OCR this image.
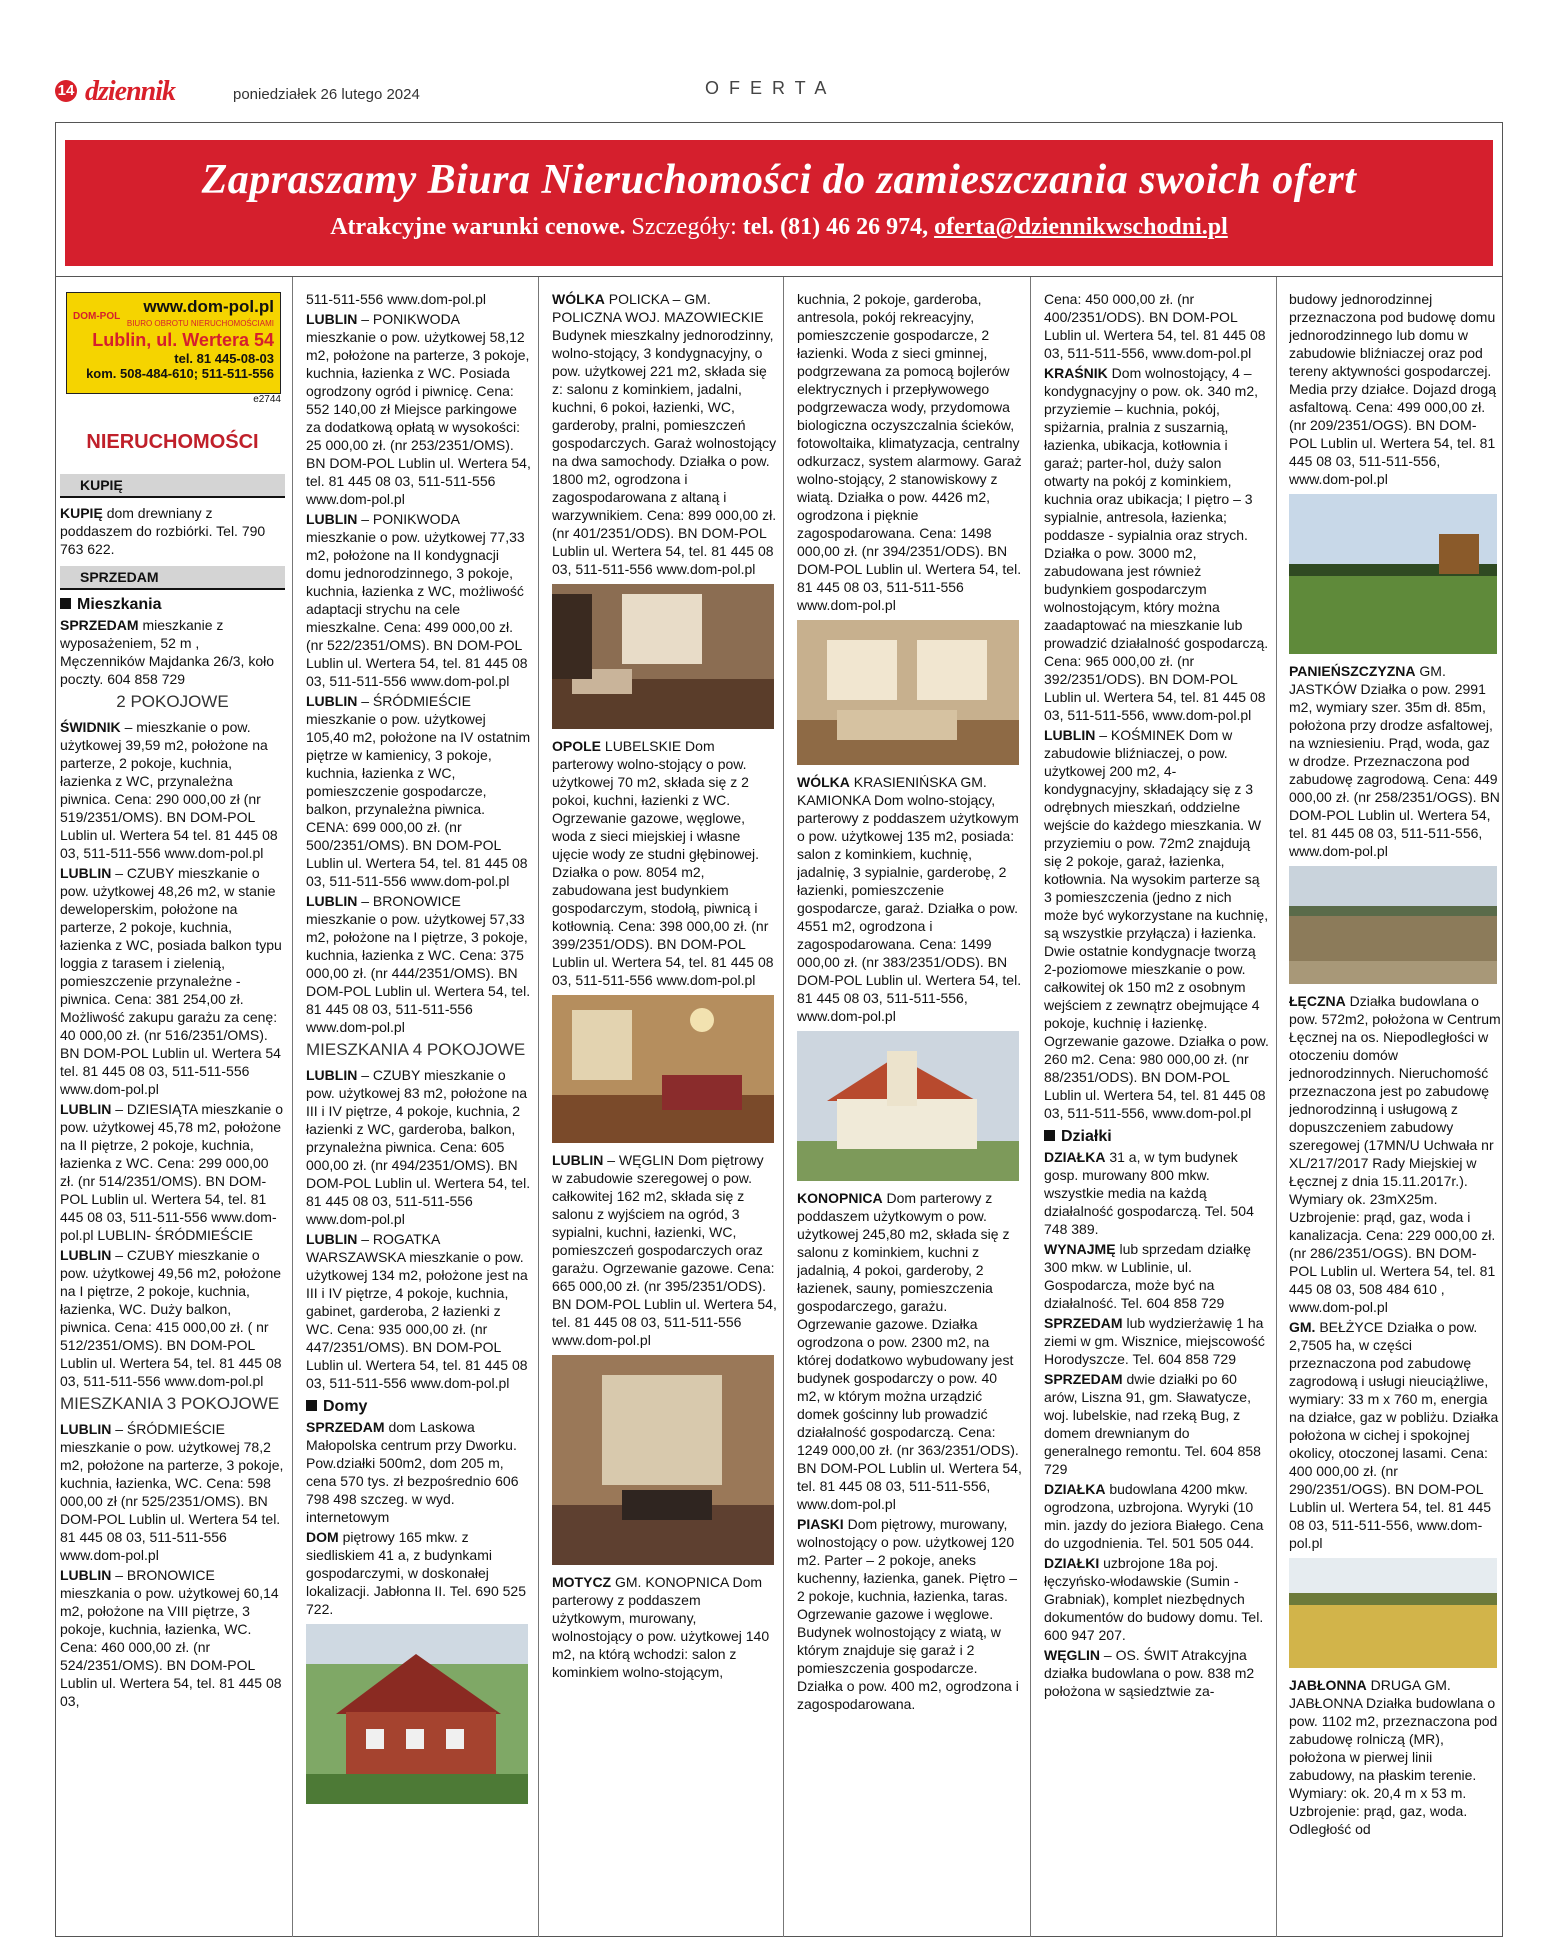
14 dziennik	poniedziałek 26 lutego 2024	OFERTA
Zapraszamy Biura Nieruchomości do zamieszczania swoich ofert
Atrakcyjne warunki cenowe. Szczegóły: tel. (81) 46 26 974, oferta@dziennikwschodni.pl
www.dom-pol.pl
DOM-POL
BIURO OBROTU NIERUCHOMOŚCIAMI
Lublin, ul. Wertera 54
tel. 81 445-08-03
kom. 508-484-610; 511-511-556
e2744
NIERUCHOMOŚCI
KUPIĘ

KUPIĘ dom drewniany z poddaszem do rozbiórki. Tel. 790 763 622.

SPRZEDAM
Mieszkania

SPRZEDAM mieszkanie z wyposażeniem, 52 m , Męczenników Majdanka 26/3, koło poczty. 604 858 729

2 POKOJOWE

ŚWIDNIK – mieszkanie o pow. użytkowej 39,59 m2, położone na parterze, 2 pokoje, kuchnia, łazienka z WC, przynależna piwnica. Cena: 290 000,00 zł (nr 519/2351/OMS). BN DOM-POL Lublin ul. Wertera 54 tel. 81 445 08 03, 511-511-556 www.dom-pol.pl

LUBLIN – CZUBY mieszkanie o pow. użytkowej 48,26 m2, w stanie deweloperskim, położone na parterze, 2 pokoje, kuchnia, łazienka z WC, posiada balkon typu loggia z tarasem i zielenią, pomieszczenie przynależne - piwnica. Cena: 381 254,00 zł. Możliwość zakupu garażu za cenę: 40 000,00 zł. (nr 516/2351/OMS). BN DOM-POL Lublin ul. Wertera 54 tel. 81 445 08 03, 511-511-556 www.dom-pol.pl

LUBLIN – DZIESIĄTA mieszkanie o pow. użytkowej 45,78 m2, położone na II piętrze, 2 pokoje, kuchnia, łazienka z WC. Cena: 299 000,00 zł. (nr 514/2351/OMS). BN DOM-POL Lublin ul. Wertera 54, tel. 81 445 08 03, 511-511-556 www.dom-pol.pl LUBLIN- ŚRÓDMIEŚCIE

LUBLIN – CZUBY mieszkanie o pow. użytkowej 49,56 m2, położone na I piętrze, 2 pokoje, kuchnia, łazienka, WC. Duży balkon, piwnica. Cena: 415 000,00 zł. ( nr 512/2351/OMS). BN DOM-POL Lublin ul. Wertera 54, tel. 81 445 08 03, 511-511-556 www.dom-pol.pl

MIESZKANIA 3 POKOJOWE

LUBLIN – ŚRÓDMIEŚCIE mieszkanie o pow. użytkowej 78,2 m2, położone na parterze, 3 pokoje, kuchnia, łazienka, WC. Cena: 598 000,00 zł (nr 525/2351/OMS). BN DOM-POL Lublin ul. Wertera 54 tel. 81 445 08 03, 511-511-556 www.dom-pol.pl

LUBLIN – BRONOWICE mieszkania o pow. użytkowej 60,14 m2, położone na VIII piętrze, 3 pokoje, kuchnia, łazienka, WC. Cena: 460 000,00 zł. (nr 524/2351/OMS). BN DOM-POL Lublin ul. Wertera 54, tel. 81 445 08 03,

511-511-556 www.dom-pol.pl

LUBLIN – PONIKWODA mieszkanie o pow. użytkowej 58,12 m2, położone na parterze, 3 pokoje, kuchnia, łazienka z WC. Posiada ogrodzony ogród i piwnicę. Cena: 552 140,00 zł Miejsce parkingowe za dodatkową opłatą w wysokości: 25 000,00 zł. (nr 253/2351/OMS). BN DOM-POL Lublin ul. Wertera 54, tel. 81 445 08 03, 511-511-556 www.dom-pol.pl

LUBLIN – PONIKWODA mieszkanie o pow. użytkowej 77,33 m2, położone na II kondygnacji domu jednorodzinnego, 3 pokoje, kuchnia, łazienka z WC, możliwość adaptacji strychu na cele mieszkalne. Cena: 499 000,00 zł. (nr 522/2351/OMS). BN DOM-POL Lublin ul. Wertera 54, tel. 81 445 08 03, 511-511-556 www.dom-pol.pl

LUBLIN – ŚRÓDMIEŚCIE mieszkanie o pow. użytkowej 105,40 m2, położone na IV ostatnim piętrze w kamienicy, 3 pokoje, kuchnia, łazienka z WC, pomieszczenie gospodarcze, balkon, przynależna piwnica. CENA: 699 000,00 zł. (nr 500/2351/OMS). BN DOM-POL Lublin ul. Wertera 54, tel. 81 445 08 03, 511-511-556 www.dom-pol.pl

LUBLIN – BRONOWICE mieszkanie o pow. użytkowej 57,33 m2, położone na I piętrze, 3 pokoje, kuchnia, łazienka z WC. Cena: 375 000,00 zł. (nr 444/2351/OMS). BN DOM-POL Lublin ul. Wertera 54, tel. 81 445 08 03, 511-511-556 www.dom-pol.pl

MIESZKANIA 4 POKOJOWE

LUBLIN – CZUBY mieszkanie o pow. użytkowej 83 m2, położone na III i IV piętrze, 4 pokoje, kuchnia, 2 łazienki z WC, garderoba, balkon, przynależna piwnica. Cena: 605 000,00 zł. (nr 494/2351/OMS). BN DOM-POL Lublin ul. Wertera 54, tel. 81 445 08 03, 511-511-556 www.dom-pol.pl

LUBLIN – ROGATKA WARSZAWSKA mieszkanie o pow. użytkowej 134 m2, położone jest na III i IV piętrze, 4 pokoje, kuchnia, gabinet, garderoba, 2 łazienki z WC. Cena: 935 000,00 zł. (nr 447/2351/OMS). BN DOM-POL Lublin ul. Wertera 54, tel. 81 445 08 03, 511-511-556 www.dom-pol.pl

Domy

SPRZEDAM dom Laskowa Małopolska centrum przy Dworku. Pow.działki 500m2, dom 205 m, cena 570 tys. zł bezpośrednio 606 798 498 szczeg. w wyd. internetowym

DOM piętrowy 165 mkw. z siedliskiem 41 a, z budynkami gospodarczymi, w doskonałej lokalizacji. Jabłonna II. Tel. 690 525 722.

WÓLKA POLICKA – GM. POLICZNA WOJ. MAZOWIECKIE Budynek mieszkalny jednorodzinny, wolno-stojący, 3 kondygnacyjny, o pow. użytkowej 221 m2, składa się z: salonu z kominkiem, jadalni, kuchni, 6 pokoi, łazienki, WC, garderoby, pralni, pomieszczeń gospodarczych. Garaż wolnostojący na dwa samochody. Działka o pow. 1800 m2, ogrodzona i zagospodarowana z altaną i warzywnikiem. Cena: 899 000,00 zł. (nr 401/2351/ODS). BN DOM-POL Lublin ul. Wertera 54, tel. 81 445 08 03, 511-511-556 www.dom-pol.pl

OPOLE LUBELSKIE Dom parterowy wolno-stojący o pow. użytkowej 70 m2, składa się z 2 pokoi, kuchni, łazienki z WC. Ogrzewanie gazowe, węglowe, woda z sieci miejskiej i własne ujęcie wody ze studni głębinowej. Działka o pow. 8054 m2, zabudowana jest budynkiem gospodarczym, stodołą, piwnicą i kotłownią. Cena: 398 000,00 zł. (nr 399/2351/ODS). BN DOM-POL Lublin ul. Wertera 54, tel. 81 445 08 03, 511-511-556 www.dom-pol.pl

LUBLIN – WĘGLIN Dom piętrowy w zabudowie szeregowej o pow. całkowitej 162 m2, składa się z salonu z wyjściem na ogród, 3 sypialni, kuchni, łazienki, WC, pomieszczeń gospodarczych oraz garażu. Ogrzewanie gazowe. Cena: 665 000,00 zł. (nr 395/2351/ODS). BN DOM-POL Lublin ul. Wertera 54, tel. 81 445 08 03, 511-511-556 www.dom-pol.pl

MOTYCZ GM. KONOPNICA Dom parterowy z poddaszem użytkowym, murowany, wolnostojący o pow. użytkowej 140 m2, na którą wchodzi: salon z kominkiem wolno-stojącym,

kuchnia, 2 pokoje, garderoba, antresola, pokój rekreacyjny, pomieszczenie gospodarcze, 2 łazienki. Woda z sieci gminnej, podgrzewana za pomocą bojlerów elektrycznych i przepływowego podgrzewacza wody, przydomowa biologiczna oczyszczalnia ścieków, fotowoltaika, klimatyzacja, centralny odkurzacz, system alarmowy. Garaż wolno-stojący, 2 stanowiskowy z wiatą. Działka o pow. 4426 m2, ogrodzona i pięknie zagospodarowana. Cena: 1498 000,00 zł. (nr 394/2351/ODS). BN DOM-POL Lublin ul. Wertera 54, tel. 81 445 08 03, 511-511-556 www.dom-pol.pl

WÓLKA KRASIENIŃSKA GM. KAMIONKA Dom wolno-stojący, parterowy z poddaszem użytkowym o pow. użytkowej 135 m2, posiada: salon z kominkiem, kuchnię, jadalnię, 3 sypialnie, garderobę, 2 łazienki, pomieszczenie gospodarcze, garaż. Działka o pow. 4551 m2, ogrodzona i zagospodarowana. Cena: 1499 000,00 zł. (nr 383/2351/ODS). BN DOM-POL Lublin ul. Wertera 54, tel. 81 445 08 03, 511-511-556, www.dom-pol.pl

KONOPNICA Dom parterowy z poddaszem użytkowym o pow. użytkowej 245,80 m2, składa się z salonu z kominkiem, kuchni z jadalnią, 4 pokoi, garderoby, 2 łazienek, sauny, pomieszczenia gospodarczego, garażu. Ogrzewanie gazowe. Działka ogrodzona o pow. 2300 m2, na której dodatkowo wybudowany jest budynek gospodarczy o pow. 40 m2, w którym można urządzić domek gościnny lub prowadzić działalność gospodarczą. Cena: 1249 000,00 zł. (nr 363/2351/ODS). BN DOM-POL Lublin ul. Wertera 54, tel. 81 445 08 03, 511-511-556, www.dom-pol.pl

PIASKI Dom piętrowy, murowany, wolnostojący o pow. użytkowej 120 m2. Parter – 2 pokoje, aneks kuchenny, łazienka, ganek. Piętro – 2 pokoje, kuchnia, łazienka, taras. Ogrzewanie gazowe i węglowe. Budynek wolnostojący z wiatą, w którym znajduje się garaż i 2 pomieszczenia gospodarcze. Działka o pow. 400 m2, ogrodzona i zagospodarowana.

Cena: 450 000,00 zł. (nr 400/2351/ODS). BN DOM-POL Lublin ul. Wertera 54, tel. 81 445 08 03, 511-511-556, www.dom-pol.pl

KRAŚNIK Dom wolnostojący, 4 – kondygnacyjny o pow. ok. 340 m2, przyziemie – kuchnia, pokój, spiżarnia, pralnia z suszarnią, łazienka, ubikacja, kotłownia i garaż; parter-hol, duży salon otwarty na pokój z kominkiem, kuchnia oraz ubikacja; I piętro – 3 sypialnie, antresola, łazienka; poddasze - sypialnia oraz strych. Działka o pow. 3000 m2, zabudowana jest również budynkiem gospodarczym wolnostojącym, który można zaadaptować na mieszkanie lub prowadzić działalność gospodarczą. Cena: 965 000,00 zł. (nr 392/2351/ODS). BN DOM-POL Lublin ul. Wertera 54, tel. 81 445 08 03, 511-511-556, www.dom-pol.pl

LUBLIN – KOŚMINEK Dom w zabudowie bliźniaczej, o pow. użytkowej 200 m2, 4-kondygnacyjny, składający się z 3 odrębnych mieszkań, oddzielne wejście do każdego mieszkania. W przyziemiu o pow. 72m2 znajdują się 2 pokoje, garaż, łazienka, kotłownia. Na wysokim parterze są 3 pomieszczenia (jedno z nich może być wykorzystane na kuchnię, są wszystkie przyłącza) i łazienka. Dwie ostatnie kondygnacje tworzą 2-poziomowe mieszkanie o pow. całkowitej ok 150 m2 z osobnym wejściem z zewnątrz obejmujące 4 pokoje, kuchnię i łazienkę. Ogrzewanie gazowe. Działka o pow. 260 m2. Cena: 980 000,00 zł. (nr 88/2351/ODS). BN DOM-POL Lublin ul. Wertera 54, tel. 81 445 08 03, 511-511-556, www.dom-pol.pl

Działki

DZIAŁKA 31 a, w tym budynek gosp. murowany 800 mkw. wszystkie media na każdą działalność gospodarczą. Tel. 504 748 389.

WYNAJMĘ lub sprzedam działkę 300 mkw. w Lublinie, ul. Gospodarcza, może być na działalność. Tel. 604 858 729

SPRZEDAM lub wydzierżawię 1 ha ziemi w gm. Wisznice, miejscowość Horodyszcze. Tel. 604 858 729

SPRZEDAM dwie działki po 60 arów, Liszna 91, gm. Sławatycze, woj. lubelskie, nad rzeką Bug, z domem drewnianym do generalnego remontu. Tel. 604 858 729

DZIAŁKA budowlana 4200 mkw. ogrodzona, uzbrojona. Wyryki (10 min. jazdy do jeziora Białego. Cena do uzgodnienia. Tel. 501 505 044.

DZIAŁKI uzbrojone 18a poj. łęczyńsko-włodawskie (Sumin - Grabniak), komplet niezbędnych dokumentów do budowy domu. Tel. 600 947 207.

WĘGLIN – OS. ŚWIT Atrakcyjna działka budowlana o pow. 838 m2 położona w sąsiedztwie za-

budowy jednorodzinnej przeznaczona pod budowę domu jednorodzinnego lub domu w zabudowie bliźniaczej oraz pod tereny aktywności gospodarczej. Media przy działce. Dojazd drogą asfaltową. Cena: 499 000,00 zł. (nr 209/2351/OGS). BN DOM-POL Lublin ul. Wertera 54, tel. 81 445 08 03, 511-511-556, www.dom-pol.pl

PANIEŃSZCZYZNA GM. JASTKÓW Działka o pow. 2991 m2, wymiary szer. 35m dł. 85m, położona przy drodze asfaltowej, na wzniesieniu. Prąd, woda, gaz w drodze. Przeznaczona pod zabudowę zagrodową. Cena: 449 000,00 zł. (nr 258/2351/OGS). BN DOM-POL Lublin ul. Wertera 54, tel. 81 445 08 03, 511-511-556, www.dom-pol.pl

ŁĘCZNA Działka budowlana o pow. 572m2, położona w Centrum Łęcznej na os. Niepodległości w otoczeniu domów jednorodzinnych. Nieruchomość przeznaczona jest po zabudowę jednorodzinną i usługową z dopuszczeniem zabudowy szeregowej (17MN/U Uchwała nr XL/217/2017 Rady Miejskiej w Łęcznej z dnia 15.11.2017r.). Wymiary ok. 23mX25m. Uzbrojenie: prąd, gaz, woda i kanalizacja. Cena: 229 000,00 zł. (nr 286/2351/OGS). BN DOM-POL Lublin ul. Wertera 54, tel. 81 445 08 03, 508 484 610 , www.dom-pol.pl

GM. BEŁŻYCE Działka o pow. 2,7505 ha, w części przeznaczona pod zabudowę zagrodową i usługi nieuciążliwe, wymiary: 33 m x 760 m, energia na działce, gaz w pobliżu. Działka położona w cichej i spokojnej okolicy, otoczonej lasami. Cena: 400 000,00 zł. (nr 290/2351/OGS). BN DOM-POL Lublin ul. Wertera 54, tel. 81 445 08 03, 511-511-556, www.dom-pol.pl

JABŁONNA DRUGA GM. JABŁONNA Działka budowlana o pow. 1102 m2, przeznaczona pod zabudowę rolniczą (MR), położona w pierwej linii zabudowy, na płaskim terenie. Wymiary: ok. 20,4 m x 53 m. Uzbrojenie: prąd, gaz, woda. Odległość od
